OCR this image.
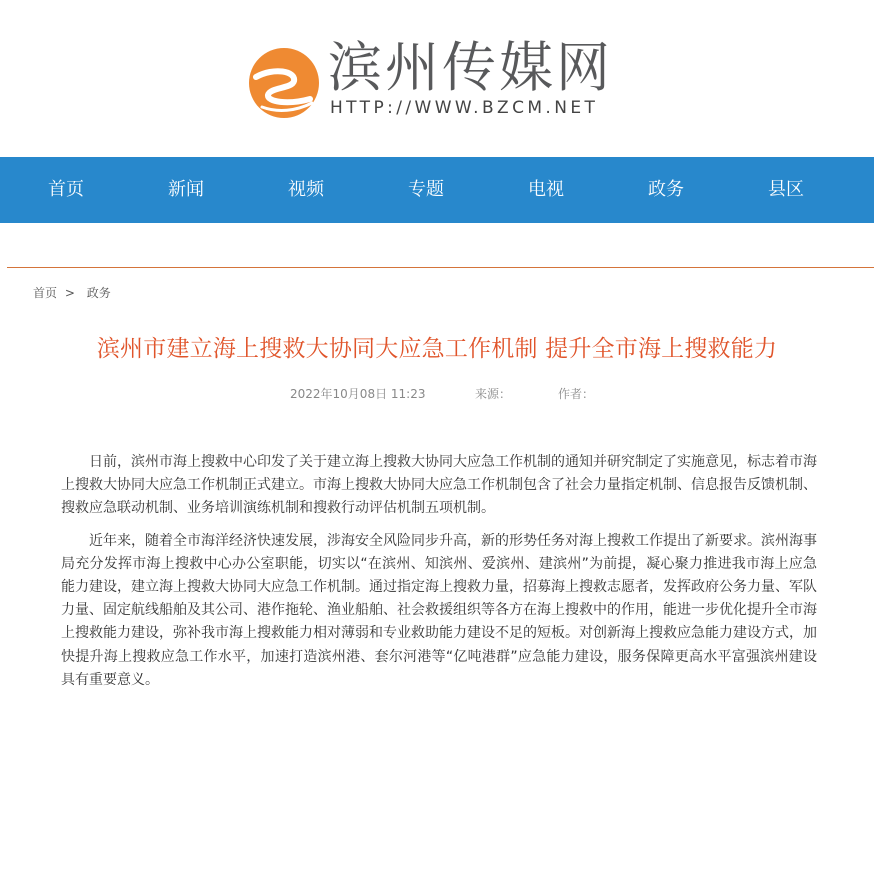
滨州传媒网
HTTP://WWW.BZCM.NET
首页	新闻	视频	专题	电视	政务	县区
首页 > 政务
滨州市建立海上搜救大协同大应急工作机制 提升全市海上搜救能力
2022年10月08日 11:23	来源：	作者：

日前，滨州市海上搜救中心印发了关于建立海上搜救大协同大应急工作机制的通知并研究制定了实施意见，标志着市海上搜救大协同大应急工作机制正式建立。市海上搜救大协同大应急工作机制包含了社会力量指定机制、信息报告反馈机制、搜救应急联动机制、业务培训演练机制和搜救行动评估机制五项机制。

近年来，随着全市海洋经济快速发展，涉海安全风险同步升高，新的形势任务对海上搜救工作提出了新要求。滨州海事局充分发挥市海上搜救中心办公室职能，切实以“在滨州、知滨州、爱滨州、建滨州”为前提，凝心聚力推进我市海上应急能力建设，建立海上搜救大协同大应急工作机制。通过指定海上搜救力量，招募海上搜救志愿者，发挥政府公务力量、军队力量、固定航线船舶及其公司、港作拖轮、渔业船舶、社会救援组织等各方在海上搜救中的作用，能进一步优化提升全市海上搜救能力建设，弥补我市海上搜救能力相对薄弱和专业救助能力建设不足的短板。对创新海上搜救应急能力建设方式，加快提升海上搜救应急工作水平，加速打造滨州港、套尔河港等“亿吨港群”应急能力建设，服务保障更高水平富强滨州建设具有重要意义。
